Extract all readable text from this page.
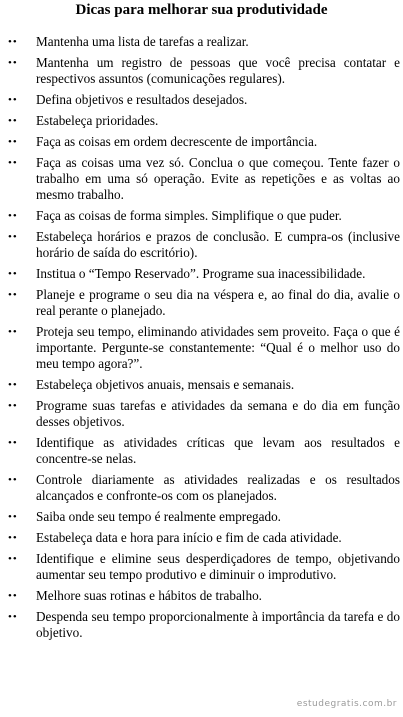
Dicas para melhorar sua produtividade
••	Mantenha uma lista de tarefas a realizar.
••	Mantenha um registro de pessoas que você precisa contatar e respectivos assuntos (comunicações regulares).
••	Defina objetivos e resultados desejados.
••	Estabeleça prioridades.
••	Faça as coisas em ordem decrescente de importância.
••	Faça as coisas uma vez só. Conclua o que começou. Tente fazer o trabalho em uma só operação. Evite as repetições e as voltas ao mesmo trabalho.
••	Faça as coisas de forma simples. Simplifique o que puder.
••	Estabeleça horários e prazos de conclusão. E cumpra-os (inclusive horário de saída do escritório).
••	Institua o “Tempo Reservado”. Programe sua inacessibilidade.
••	Planeje e programe o seu dia na véspera e, ao final do dia, avalie o real perante o planejado.
••	Proteja seu tempo, eliminando atividades sem proveito. Faça o que é importante. Pergunte-se constantemente: “Qual é o melhor uso do meu tempo agora?”.
••	Estabeleça objetivos anuais, mensais e semanais.
••	Programe suas tarefas e atividades da semana e do dia em função desses objetivos.
••	Identifique as atividades críticas que levam aos resultados e concentre-se nelas.
••	Controle diariamente as atividades realizadas e os resultados alcançados e confronte-os com os planejados.
••	Saiba onde seu tempo é realmente empregado.
••	Estabeleça data e hora para início e fim de cada atividade.
••	Identifique e elimine seus desperdiçadores de tempo, objetivando aumentar seu tempo produtivo e diminuir o improdutivo.
••	Melhore suas rotinas e hábitos de trabalho.
••	Despenda seu tempo proporcionalmente à importância da tarefa e do objetivo.
estudegratis.com.br
